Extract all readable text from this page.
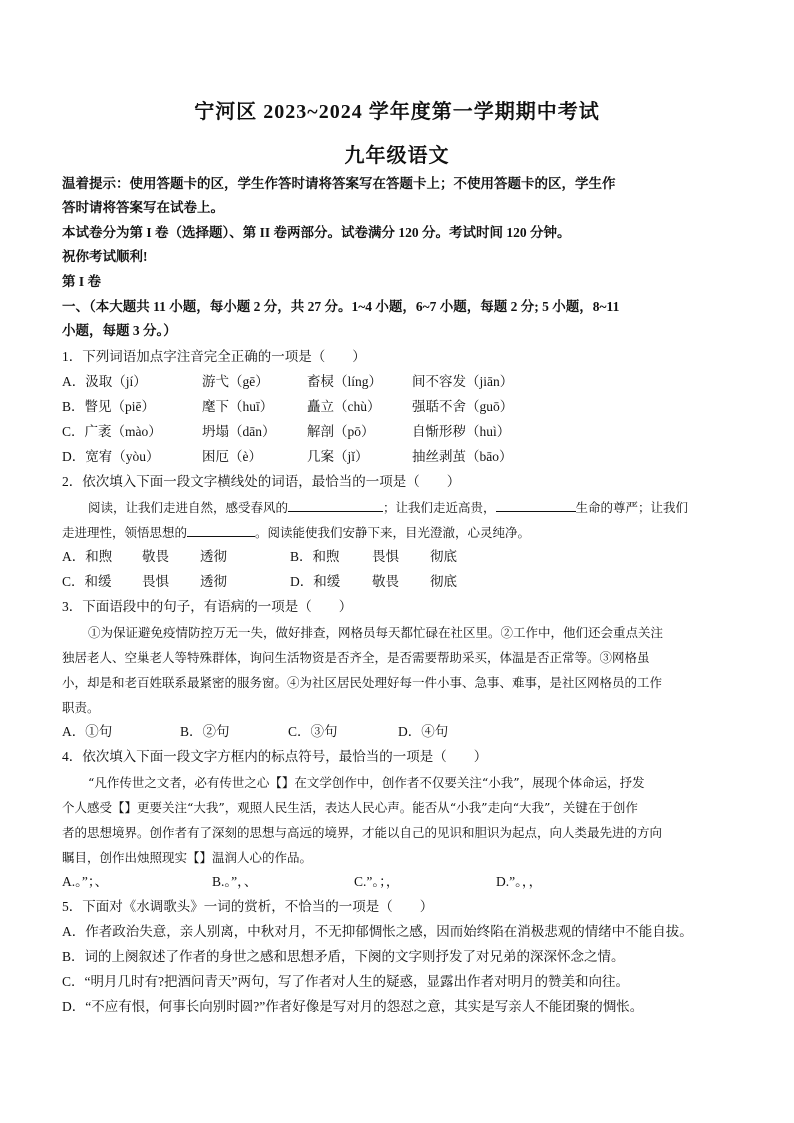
宁河区 2023~2024 学年度第一学期期中考试
九年级语文
温着提示：使用答题卡的区，学生作答时请将答案写在答题卡上；不使用答题卡的区，学生作
答时请将答案写在试卷上。
本试卷分为第 I 卷（选择题）、第 II 卷两部分。试卷满分 120 分。考试时间 120 分钟。
祝你考试顺利!
第 I 卷
一、（本大题共 11 小题，每小题 2 分，共 27 分。1~4 小题，6~7 小题，每题 2 分; 5 小题，8~11
小题，每题 3 分。）
1．下列词语加点字注音完全正确的一项是（　　）
A．汲取（jí）	游弋（gē）	畜棂（líng） 间不容发（jiān）
B．瞥见（piē）	麾下（huī） 矗立（chù） 强聒不舍（guō）
C．广袤（mào）	坍塌（dān） 解剖（pō）	自惭形秽（huì）
D．宽宥（yòu）	困厄（è）	几案（jǐ）	抽丝剥茧（bāo）
2．依次填入下面一段文字横线处的词语，最恰当的一项是（　　）
阅读，让我们走进自然，感受春风的	；让我们走近高贵，	生命的尊严；让我们
走进理性，领悟思想的	。阅读能使我们安静下来，目光澄澈，心灵纯净。
A．和煦 敬畏 透彻	B．和煦 畏惧 彻底
C．和缓 畏惧 透彻	D．和缓 敬畏 彻底
3．下面语段中的句子，有语病的一项是（　　）
①为保证避免疫情防控万无一失，做好排查，网格员每天都忙碌在社区里。②工作中，他们还会重点关注
独居老人、空巢老人等特殊群体，询问生活物资是否齐全，是否需要帮助采买，体温是否正常等。③网格虽
小，却是和老百姓联系最紧密的服务窗。④为社区居民处理好每一件小事、急事、难事，是社区网格员的工作
职责。
A．①句	B．②句	C．③句	D．④句
4．依次填入下面一段文字方框内的标点符号，最恰当的一项是（　　）
“凡作传世之文者，必有传世之心【】在文学创作中，创作者不仅要关注“小我”，展现个体命运，抒发
个人感受【】更要关注“大我”，观照人民生活，表达人民心声。能否从“小我”走向“大我”，关键在于创作
者的思想境界。创作者有了深刻的思想与高远的境界，才能以自己的见识和胆识为起点，向人类最先进的方向
瞩目，创作出烛照现实【】温润人心的作品。
A.。”；、	B.。”，、	C.”。；，	D.”。，，
5．下面对《水调歌头》一词的赏析，不恰当的一项是（　　）
A．作者政治失意，亲人别离，中秋对月，不无抑郁惆怅之感，因而始终陷在消极悲观的情绪中不能自拔。
B．词的上阕叙述了作者的身世之感和思想矛盾，下阕的文字则抒发了对兄弟的深深怀念之情。
C．“明月几时有?把酒问青天”两句，写了作者对人生的疑惑，显露出作者对明月的赞美和向往。
D．“不应有恨，何事长向别时圆?”作者好像是写对月的怨怼之意，其实是写亲人不能团聚的惆怅。
